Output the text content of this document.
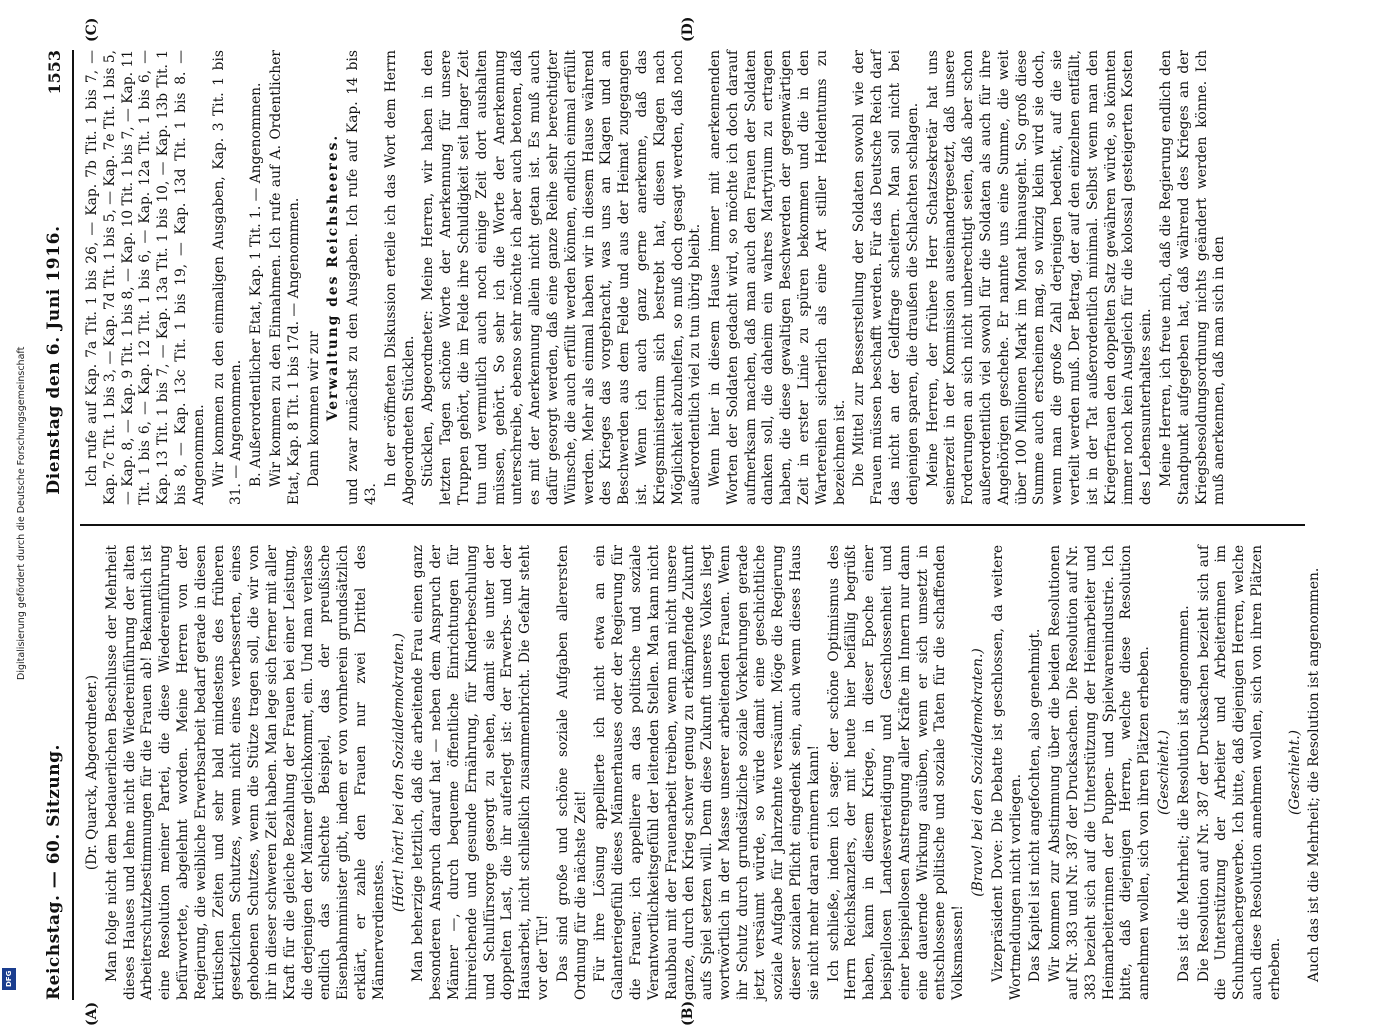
Reichstag. — 60. Sitzung.
Dienstag den 6. Juni 1916.
1553
(A)	(B)
(C)	(D)

(Dr. Quarck, Abgeordneter.) Man folge nicht dem bedauerlichen Beschlusse der Mehrheit dieses Hauses und lehne nicht die Wiedereinführung der alten Arbeiterschutzbestimmungen für die Frauen ab! Bekanntlich ist eine Resolution meiner Partei, die diese Wiedereinführung befürwortete, abgelehnt worden. Meine Herren von der Regierung, die weibliche Erwerbsarbeit bedarf gerade in diesen kritischen Zeiten und sehr bald mindestens des früheren gesetzlichen Schutzes, wenn nicht eines verbesserten, eines gehobenen Schutzes, wenn die Stütze tragen soll, die wir von ihr in dieser schweren Zeit haben. Man lege sich ferner mit aller Kraft für die gleiche Bezahlung der Frauen bei einer Leistung, die derjenigen der Männer gleichkommt, ein. Und man verlasse endlich das schlechte Beispiel, das der preußische Eisenbahnminister gibt, indem er von vornherein grundsätzlich erklärt, er zahle den Frauen nur zwei Drittel des Männerverdienstes.

(Hört! hört! bei den Sozialdemokraten.) Man beherzige letztlich, daß die arbeitende Frau einen ganz besonderen Anspruch darauf hat — neben dem Anspruch der Männer —, durch bequeme öffentliche Einrichtungen für hinreichende und gesunde Ernährung, für Kinderbeschulung und Schulfürsorge gesorgt zu sehen, damit sie unter der doppelten Last, die ihr auferlegt ist: der Erwerbs- und der Hausarbeit, nicht schließlich zusammenbricht. Die Gefahr steht vor der Tür! Das sind große und schöne soziale Aufgaben allerersten Ordnung für die nächste Zeit! Für ihre Lösung appellierte ich nicht etwa an ein Galanteriegefühl dieses Männerhauses oder der Regierung für die Frauen; ich appelliere an das politische und soziale Verantwortlichkeitsgefühl der leitenden Stellen. Man kann nicht Raubbau mit der Frauenarbeit treiben, wenn man nicht unsere ganze, durch den Krieg schwer genug zu erkämpfende Zukunft aufs Spiel setzen will. Denn diese Zukunft unseres Volkes liegt wortwörtlich in der Masse unserer arbeitenden Frauen. Wenn ihr Schutz durch grundsätzliche soziale Vorkehrungen gerade jetzt versäumt würde, so würde damit eine geschichtliche soziale Aufgabe für Jahrzehnte versäumt. Möge die Regierung dieser sozialen Pflicht eingedenk sein, auch wenn dieses Haus sie nicht mehr daran erinnern kann! Ich schließe, indem ich sage: der schöne Optimismus des Herrn Reichskanzlers, der mit heute hier beifällig begrüßt haben, kann in diesem Kriege, in dieser Epoche einer beispiellosen Landesverteidigung und Geschlossenheit und einer beispiellosen Anstrengung aller Kräfte im Innern nur dann eine dauernde Wirkung ausüben, wenn er sich umsetzt in entschlossene politische und soziale Taten für die schaffenden Volksmassen!

(Bravo! bei den Sozialdemokraten.) Vizepräsident Dove: Die Debatte ist geschlossen, da weitere Wortmeldungen nicht vorliegen. Das Kapitel ist nicht angefochten, also genehmigt. Wir kommen zur Abstimmung über die beiden Resolutionen auf Nr. 383 und Nr. 387 der Drucksachen. Die Resolution auf Nr. 383 bezieht sich auf die Unterstützung der Heimarbeiter und Heimarbeiterinnen der Puppen- und Spielwarenindustrie. Ich bitte, daß diejenigen Herren, welche diese Resolution annehmen wollen, sich von ihren Plätzen erheben. (Geschieht.) Das ist die Mehrheit; die Resolution ist angenommen. Die Resolution auf Nr. 387 der Drucksachen bezieht sich auf die Unterstützung der Arbeiter und Arbeiterinnen im Schuhmachergewerbe. Ich bitte, daß diejenigen Herren, welche auch diese Resolution annehmen wollen, sich von ihren Plätzen erheben.

(Geschieht.) Auch das ist die Mehrheit; die Resolution ist angenommen.

Ich rufe auf Kap. 7a Tit. 1 bis 26, — Kap. 7b Tit. 1 bis 7, — Kap. 7c Tit. 1 bis 3, — Kap. 7d Tit. 1 bis 5, — Kap. 7e Tit. 1 bis 5, — Kap. 8, — Kap. 9 Tit. 1 bis 8, — Kap. 10 Tit. 1 bis 7, — Kap. 11 Tit. 1 bis 6, — Kap. 12 Tit. 1 bis 6, — Kap. 12a Tit. 1 bis 6, — Kap. 13 Tit. 1 bis 7, — Kap. 13a Tit. 1 bis 10, — Kap. 13b Tit. 1 bis 8, — Kap. 13c Tit. 1 bis 19, — Kap. 13d Tit. 1 bis 8. — Angenommen. Wir kommen zu den einmaligen Ausgaben, Kap. 3 Tit. 1 bis 31. — Angenommen. B. Außerordentlicher Etat, Kap. 1 Tit. 1. — Angenommen. Wir kommen zu den Einnahmen. Ich rufe auf A. Ordentlicher Etat, Kap. 8 Tit. 1 bis 17d. — Angenommen. Dann kommen wir zur Verwaltung des Reichsheeres. und zwar zunächst zu den Ausgaben. Ich rufe auf Kap. 14 bis 43.

In der eröffneten Diskussion erteile ich das Wort dem Herrn Abgeordneten Stücklen. Stücklen, Abgeordneter: Meine Herren, wir haben in den letzten Tagen schöne Worte der Anerkennung für unsere Truppen gehört, die im Felde ihre Schuldigkeit seit langer Zeit tun und vermutlich auch noch einige Zeit dort aushalten müssen, gehört. So sehr ich die Worte der Anerkennung unterschreibe, ebenso sehr möchte ich aber auch betonen, daß es mit der Anerkennung allein nicht getan ist. Es muß auch dafür gesorgt werden, daß eine ganze Reihe sehr berechtigter Wünsche, die auch erfüllt werden können, endlich einmal erfüllt werden. Mehr als einmal haben wir in diesem Hause während des Krieges das vorgebracht, was uns an Klagen und an Beschwerden aus dem Felde und aus der Heimat zugegangen ist. Wenn ich auch ganz gerne anerkenne, daß das Kriegsministerium sich bestrebt hat, diesen Klagen nach Möglichkeit abzuhelfen, so muß doch gesagt werden, daß noch außerordentlich viel zu tun übrig bleibt. Wenn hier in diesem Hause immer mit anerkennenden Worten der Soldaten gedacht wird, so möchte ich doch darauf aufmerksam machen, daß man auch den Frauen der Soldaten danken soll, die daheim ein wahres Martyrium zu ertragen haben, die diese gewaltigen Beschwerden der gegenwärtigen Zeit in erster Linie zu spüren bekommen und die in den Wartereihen sicherlich als eine Art stiller Heldentums zu bezeichnen ist. Die Mittel zur Besserstellung der Soldaten sowohl wie der Frauen müssen beschafft werden. Für das Deutsche Reich darf das nicht an der Geldfrage scheitern. Man soll nicht bei denjenigen sparen, die draußen die Schlachten schlagen. Meine Herren, der frühere Herr Schatzsekretär hat uns seinerzeit in der Kommission auseinandergesetzt, daß unsere Forderungen an sich nicht unberechtigt seien, daß aber schon außerordentlich viel sowohl für die Soldaten als auch für ihre Angehörigen geschehe. Er nannte uns eine Summe, die weit über 100 Millionen Mark im Monat hinausgeht. So groß diese Summe auch erscheinen mag, so winzig klein wird sie doch, wenn man die große Zahl derjenigen bedenkt, auf die sie verteilt werden muß. Der Betrag, der auf den einzelnen entfällt, ist in der Tat außerordentlich minimal. Selbst wenn man den Kriegerfrauen den doppelten Satz gewähren würde, so könnten immer noch kein Ausgleich für die kolossal gesteigerten Kosten des Lebensunterhaltes sein. Meine Herren, ich freue mich, daß die Regierung endlich den Standpunkt aufgegeben hat, daß während des Krieges an der Kriegsbesoldungsordnung nichts geändert werden könne. Ich muß anerkennen, daß man sich in den

Digitalisierung gefördert durch die Deutsche Forschungsgemeinschaft
DFG
